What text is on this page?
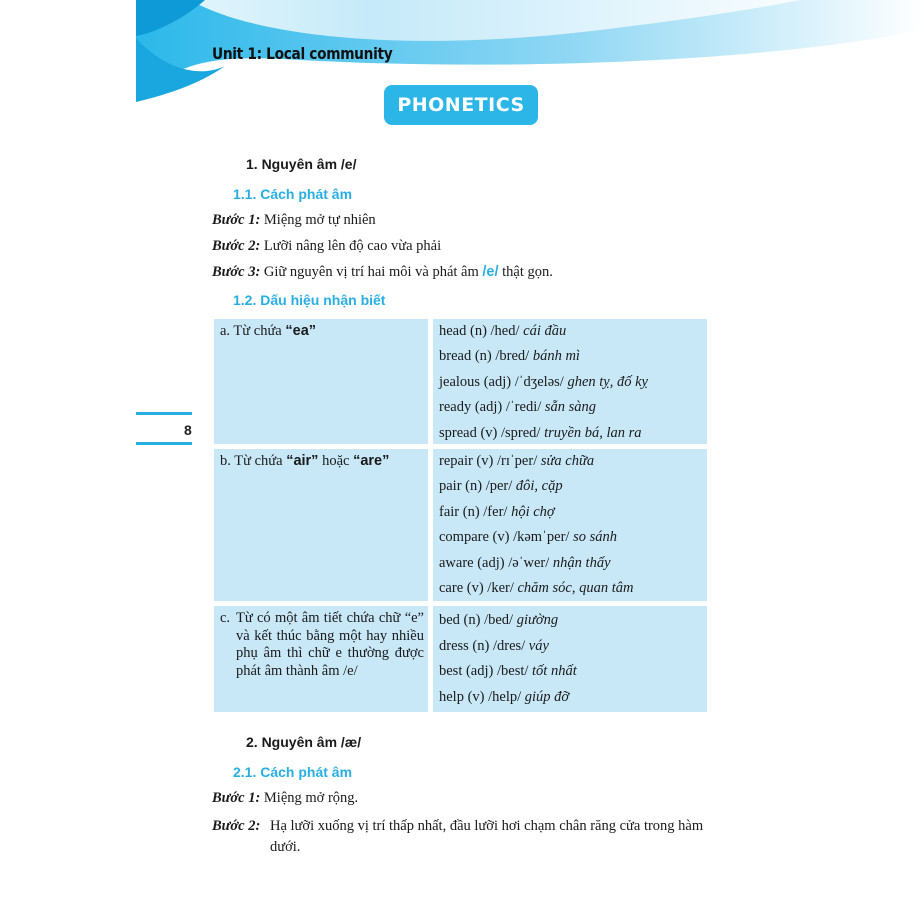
Unit 1: Local community
PHONETICS
8
1. Nguyên âm /e/
1.1. Cách phát âm
Bước 1: Miệng mở tự nhiên
Bước 2: Lưỡi nâng lên độ cao vừa phải
Bước 3: Giữ nguyên vị trí hai môi và phát âm /e/ thật gọn.
1.2. Dấu hiệu nhận biết
a. Từ chứa “ea”	head (n) /hed/ cái đầu
bread (n) /bred/ bánh mì
jealous (adj) /ˈdʒeləs/ ghen tỵ, đố kỵ
ready (adj) /ˈredi/ sẵn sàng
spread (v) /spred/ truyền bá, lan ra
b. Từ chứa “air” hoặc “are”	repair (v) /rɪˈper/ sửa chữa
pair (n) /per/ đôi, cặp
fair (n) /fer/ hội chợ
compare (v) /kəmˈper/ so sánh
aware (adj) /əˈwer/ nhận thấy
care (v) /ker/ chăm sóc, quan tâm
c. Từ có một âm tiết chứa chữ “e” và kết thúc bằng một hay nhiều phụ âm thì chữ e thường được phát âm thành âm /e/
bed (n) /bed/ giường
dress (n) /dres/ váy
best (adj) /best/ tốt nhất
help (v) /help/ giúp đỡ
2. Nguyên âm /æ/
2.1. Cách phát âm
Bước 1: Miệng mở rộng.
Bước 2: Hạ lưỡi xuống vị trí thấp nhất, đầu lưỡi hơi chạm chân răng cửa trong hàm dưới.
